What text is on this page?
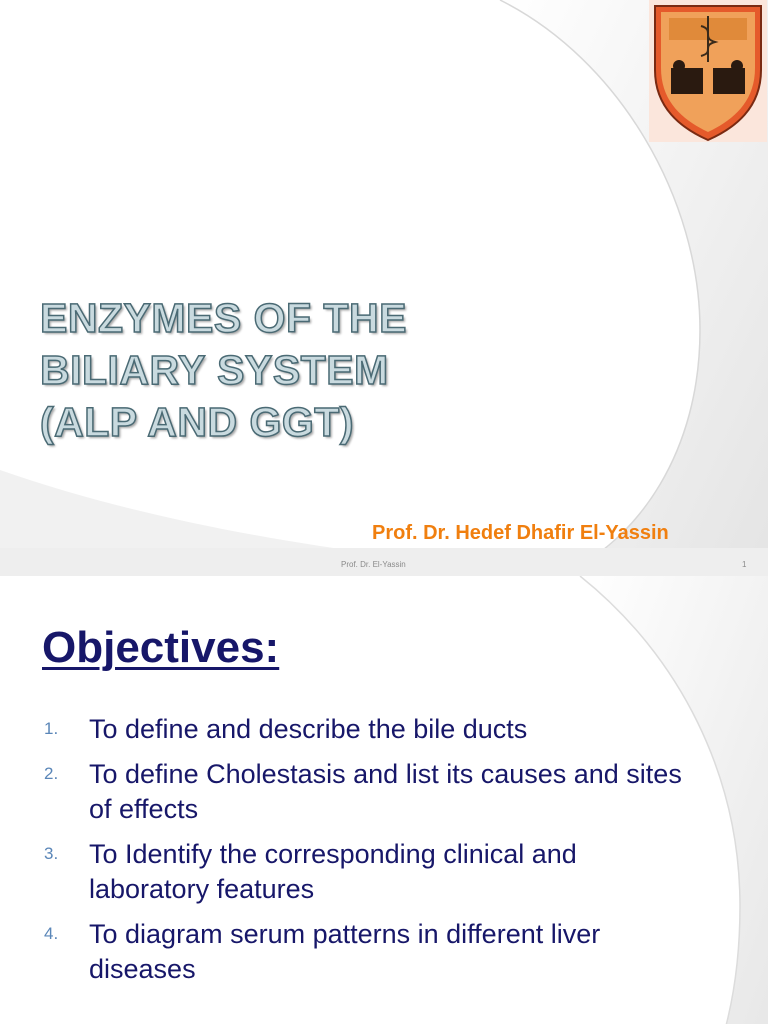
ENZYMES OF THE
BILIARY SYSTEM
(ALP AND GGT)
Prof. Dr. Hedef Dhafir El-Yassin
Prof. Dr. El-Yassin	1
Objectives:
1. To define and describe the bile ducts
2. To define Cholestasis and list its causes and sites of effects
3. To Identify the corresponding clinical and laboratory features
4. To diagram serum patterns in different liver diseases
